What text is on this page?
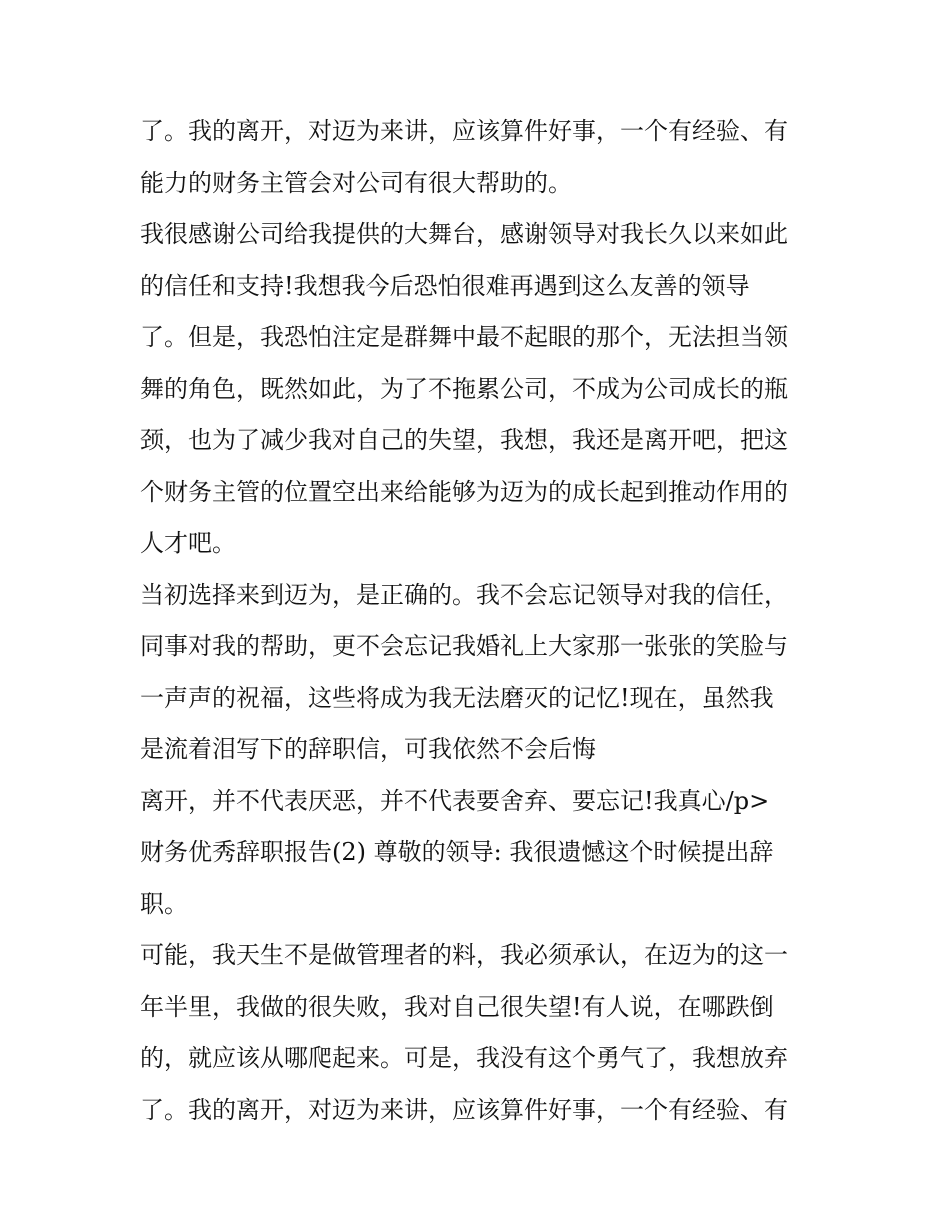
了。我的离开，对迈为来讲，应该算件好事，一个有经验、有
能力的财务主管会对公司有很大帮助的。
我很感谢公司给我提供的大舞台，感谢领导对我长久以来如此
的信任和支持!我想我今后恐怕很难再遇到这么友善的领导
了。但是，我恐怕注定是群舞中最不起眼的那个，无法担当领
舞的角色，既然如此，为了不拖累公司，不成为公司成长的瓶
颈，也为了减少我对自己的失望，我想，我还是离开吧，把这
个财务主管的位置空出来给能够为迈为的成长起到推动作用的
人才吧。
当初选择来到迈为，是正确的。我不会忘记领导对我的信任，
同事对我的帮助，更不会忘记我婚礼上大家那一张张的笑脸与
一声声的祝福，这些将成为我无法磨灭的记忆!现在，虽然我
是流着泪写下的辞职信，可我依然不会后悔
离开，并不代表厌恶，并不代表要舍弃、要忘记!我真心/p>
财务优秀辞职报告(2) 尊敬的领导: 我很遗憾这个时候提出辞
职。
可能，我天生不是做管理者的料，我必须承认，在迈为的这一
年半里，我做的很失败，我对自己很失望!有人说，在哪跌倒
的，就应该从哪爬起来。可是，我没有这个勇气了，我想放弃
了。我的离开，对迈为来讲，应该算件好事，一个有经验、有
